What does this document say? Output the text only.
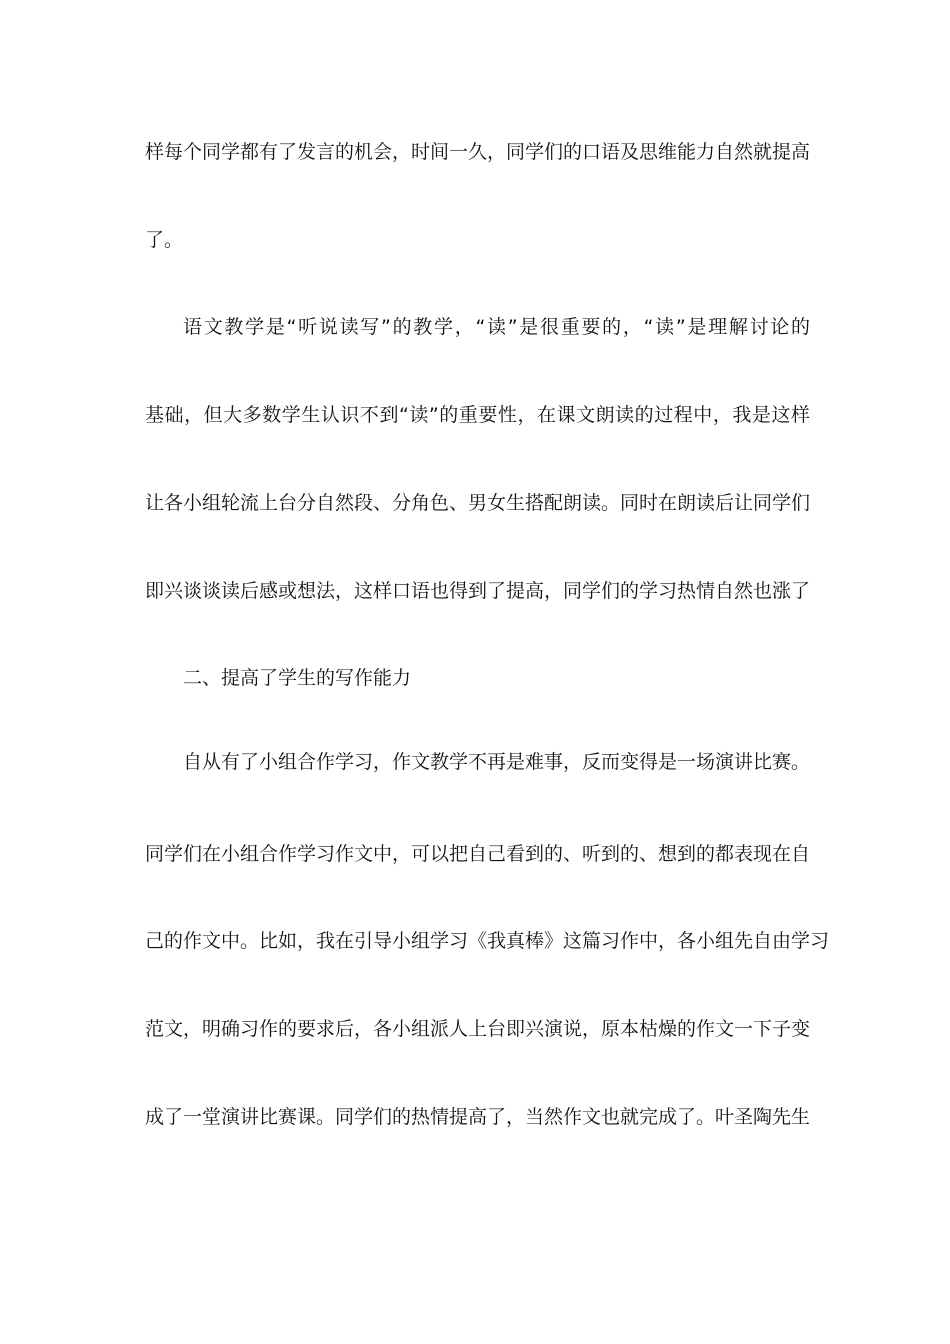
样每个同学都有了发言的机会，时间一久，同学们的口语及思维能力自然就提高
了。
语文教学是“听说读写”的教学，“读”是很重要的，“读”是理解讨论的
基础，但大多数学生认识不到“读”的重要性，在课文朗读的过程中，我是这样
让各小组轮流上台分自然段、分角色、男女生搭配朗读。同时在朗读后让同学们
即兴谈谈读后感或想法，这样口语也得到了提高，同学们的学习热情自然也涨了
二、提高了学生的写作能力
自从有了小组合作学习，作文教学不再是难事，反而变得是一场演讲比赛。
同学们在小组合作学习作文中，可以把自己看到的、听到的、想到的都表现在自
己的作文中。比如，我在引导小组学习《我真棒》这篇习作中，各小组先自由学习
范文，明确习作的要求后，各小组派人上台即兴演说，原本枯燥的作文一下子变
成了一堂演讲比赛课。同学们的热情提高了，当然作文也就完成了。叶圣陶先生
